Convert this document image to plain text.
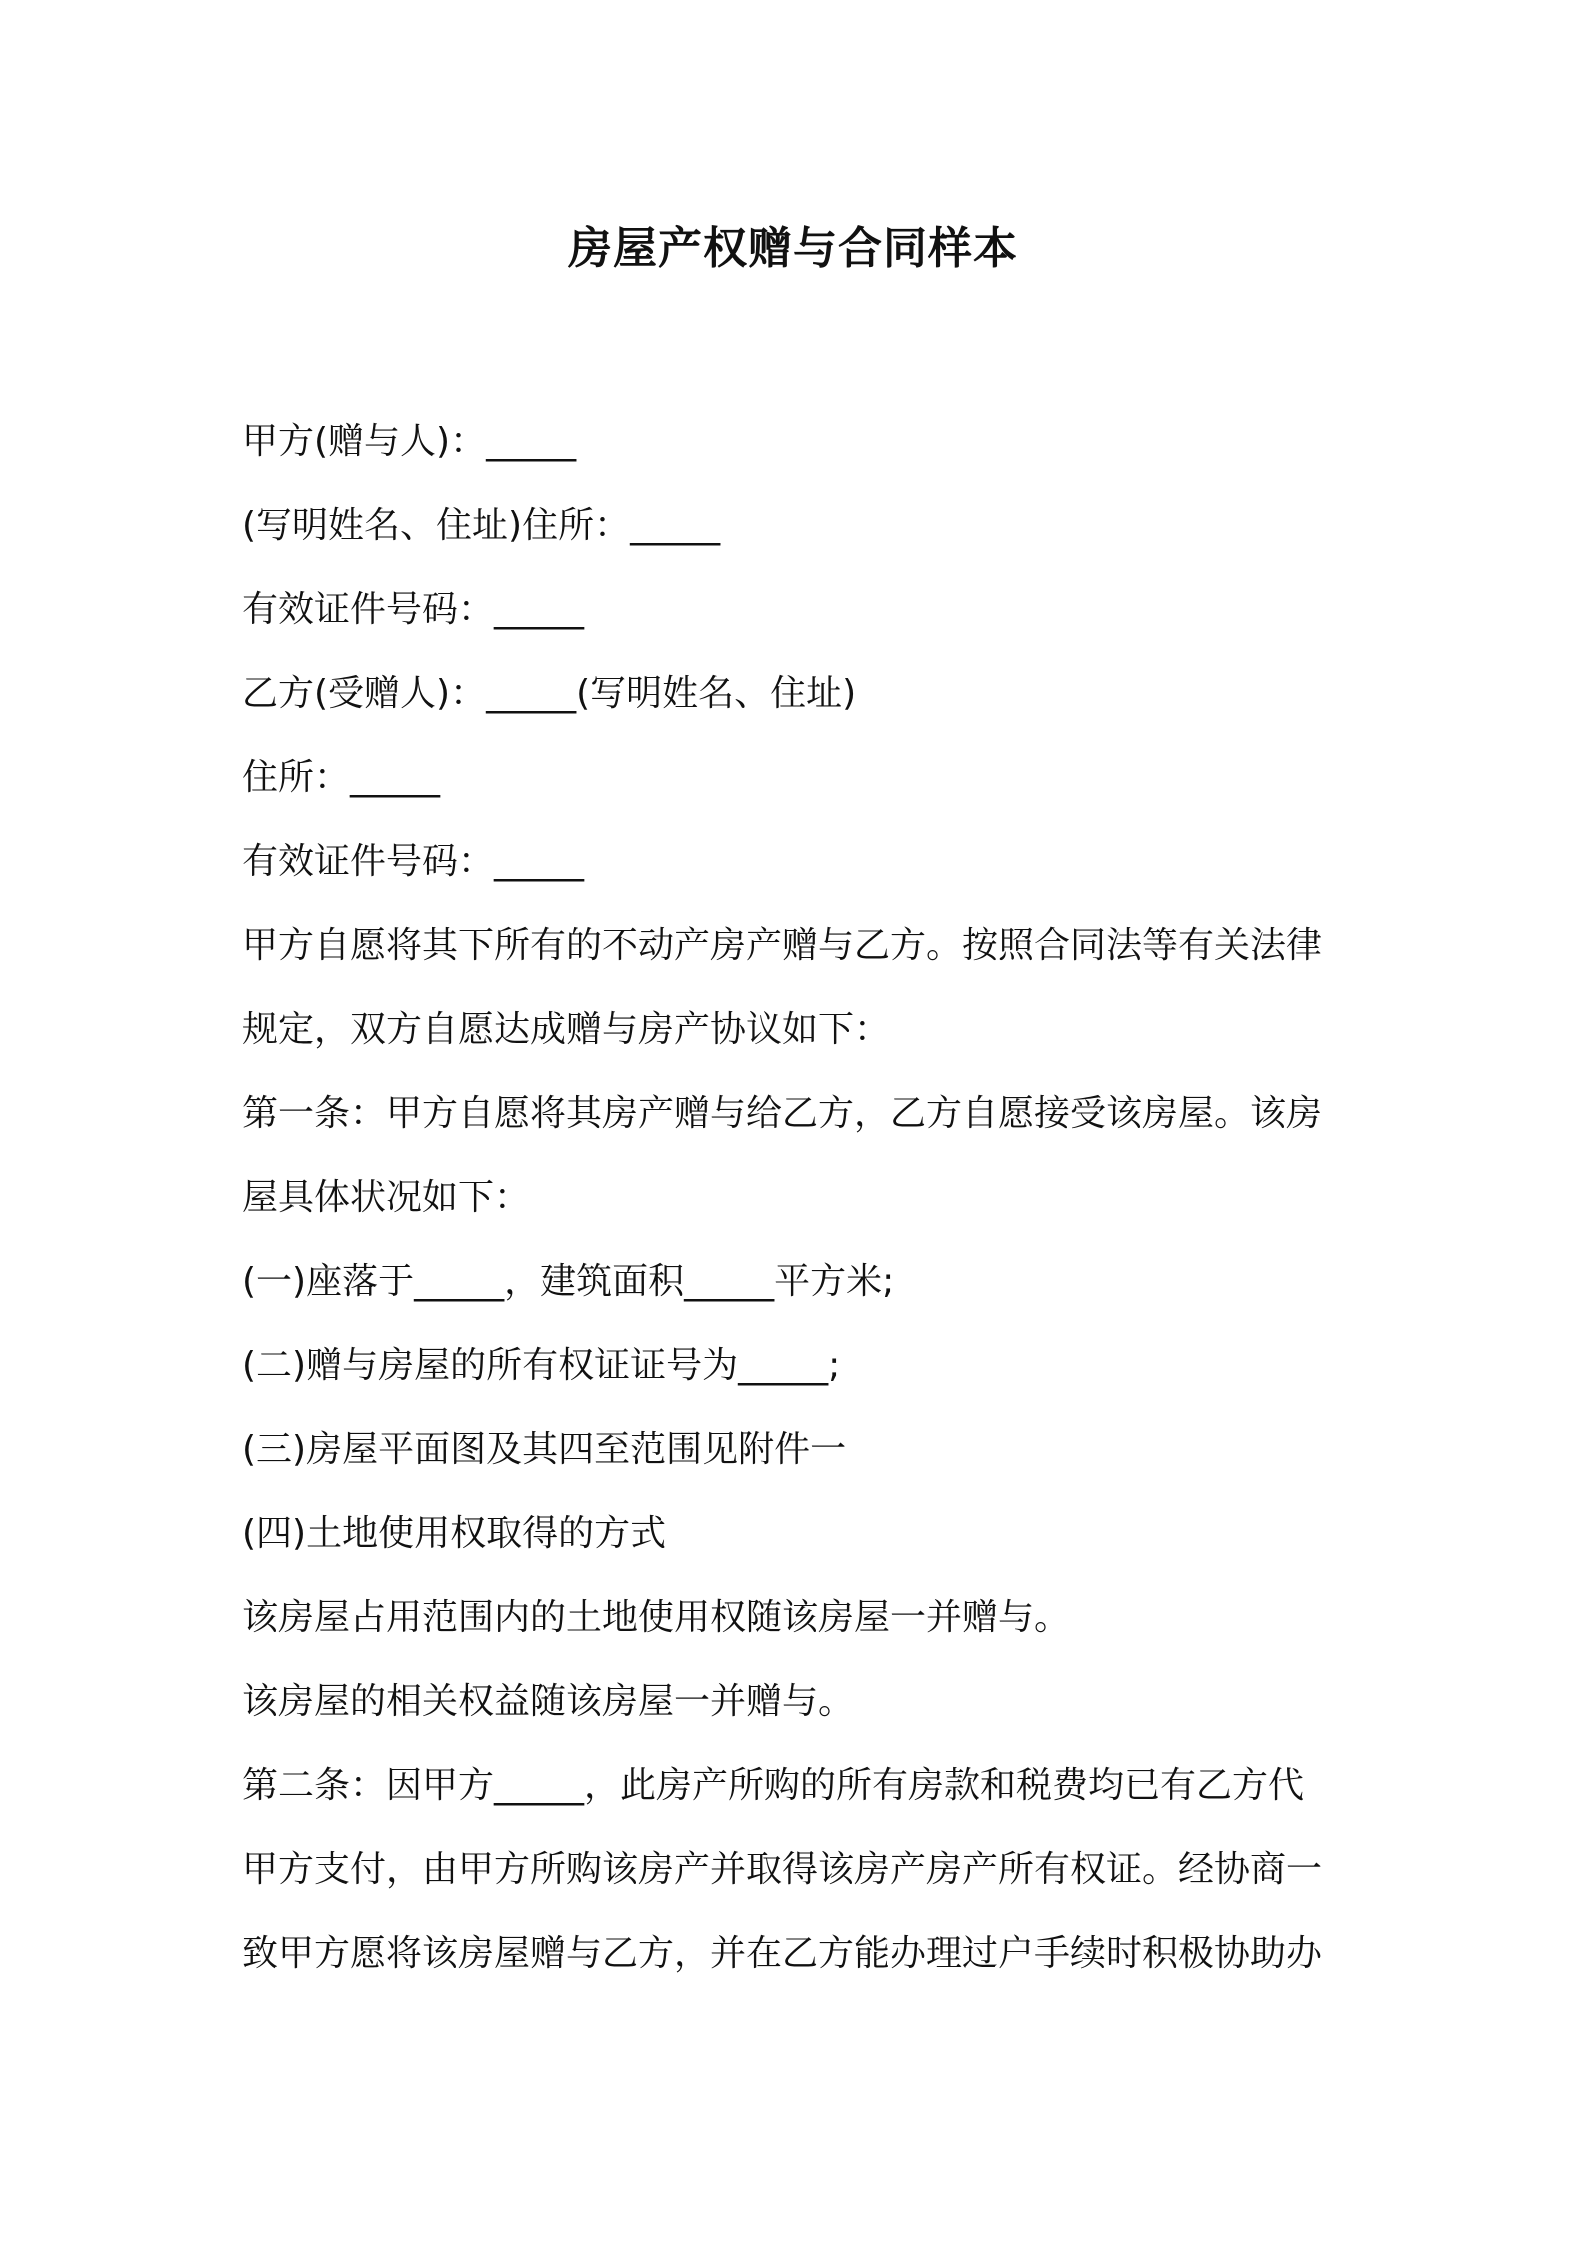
房屋产权赠与合同样本

甲方(赠与人)：_____

(写明姓名、住址)住所：_____

有效证件号码：_____

乙方(受赠人)：_____(写明姓名、住址)

住所：_____

有效证件号码：_____

甲方自愿将其下所有的不动产房产赠与乙方。按照合同法等有关法律

规定，双方自愿达成赠与房产协议如下：

第一条：甲方自愿将其房产赠与给乙方，乙方自愿接受该房屋。该房

屋具体状况如下：

(一)座落于_____，建筑面积_____平方米;

(二)赠与房屋的所有权证证号为_____;

(三)房屋平面图及其四至范围见附件一

(四)土地使用权取得的方式

该房屋占用范围内的土地使用权随该房屋一并赠与。

该房屋的相关权益随该房屋一并赠与。

第二条：因甲方_____，此房产所购的所有房款和税费均已有乙方代

甲方支付，由甲方所购该房产并取得该房产房产所有权证。经协商一

致甲方愿将该房屋赠与乙方，并在乙方能办理过户手续时积极协助办
